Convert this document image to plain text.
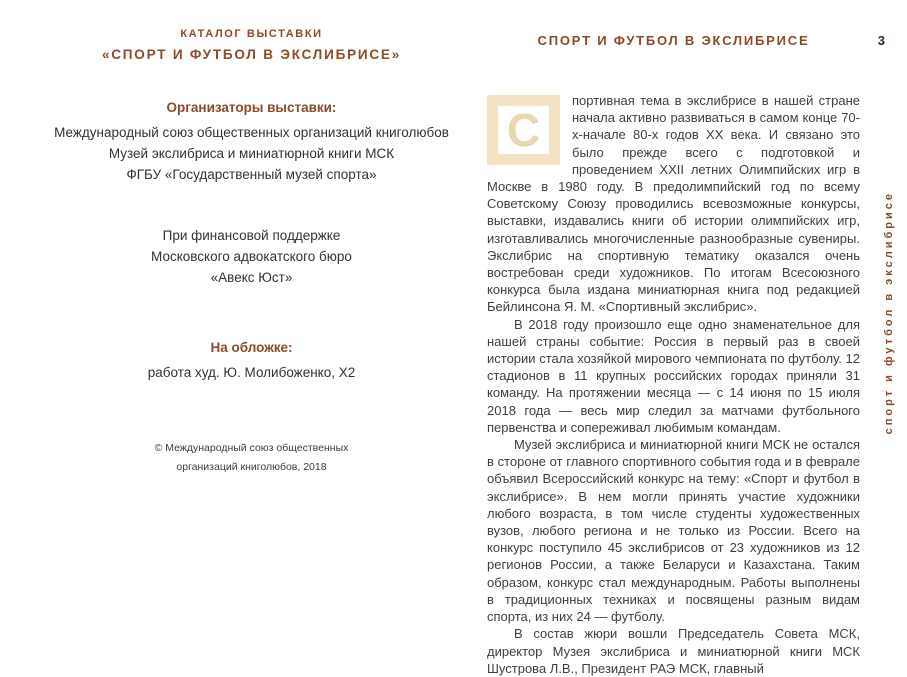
КАТАЛОГ ВЫСТАВКИ

«СПОРТ И ФУТБОЛ В ЭКСЛИБРИСЕ»

Организаторы выставки:

Международный союз общественных организаций книголюбов

Музей экслибриса и миниатюрной книги МСК

ФГБУ «Государственный музей спорта»

При финансовой поддержке

Московского адвокатского бюро

«Авекс Юст»

На обложке:

работа худ. Ю. Молибоженко, Х2

© Международный союз общественных

организаций книголюбов, 2018

СПОРТ И ФУТБОЛ В ЭКСЛИБРИСЕ	3

С
портивная тема в экслибрисе в нашей стране начала активно развиваться в самом конце 70-х-начале 80-х годов XX века. И связано это было прежде всего с подготовкой и проведением XXII летних Олимпийских игр в Москве в 1980 году. В предолимпийский год по всему Советскому Союзу проводились всевозможные конкурсы, выставки, издавались книги об истории олимпийских игр, изготавливались многочисленные разнообразные сувениры. Экслибрис на спортивную тематику оказался очень востребован среди художников. По итогам Всесоюзного конкурса была издана миниатюрная книга под редакцией Бейлинсона Я. М. «Спортивный экслибрис».

В 2018 году произошло еще одно знаменательное для нашей страны событие: Россия в первый раз в своей истории стала хозяйкой мирового чемпионата по футболу. 12 стадионов в 11 крупных российских городах приняли 31 команду. На протяжении месяца — с 14 июня по 15 июля 2018 года — весь мир следил за матчами футбольного первенства и сопереживал любимым командам.

Музей экслибриса и миниатюрной книги МСК не остался в стороне от главного спортивного события года и в феврале объявил Всероссийский конкурс на тему: «Спорт и футбол в экслибрисе». В нем могли принять участие художники любого возраста, в том числе студенты художественных вузов, любого региона и не только из России. Всего на конкурс поступило 45 экслибрисов от 23 художников из 12 регионов России, а также Беларуси и Казахстана. Таким образом, конкурс стал международным. Работы выполнены в традиционных техниках и посвящены разным видам спорта, из них 24 — футболу.

В состав жюри вошли Председатель Совета МСК, директор Музея экслибриса и миниатюрной книги МСК Шустрова Л.В., Президент РАЭ МСК, главный

спорт и футбол в экслибрисе
